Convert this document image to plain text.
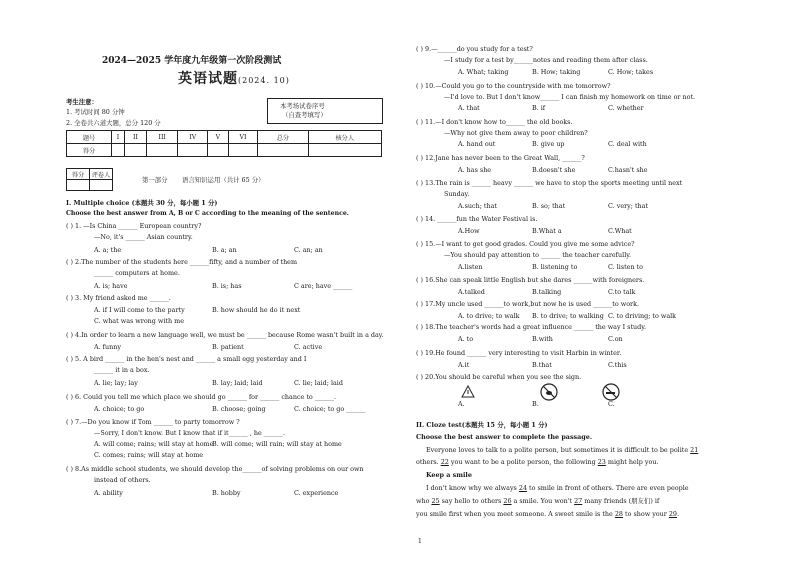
2024—2025 学年度九年级第一次阶段测试
英语试题(2024. 10)
考生注意：
1. 考试时间 80 分钟
2. 全卷共六道大题，总分 120 分
本考场试卷序号
（自查考填写）
题号	I	II	III	IV	V	VI	总分	核分人
得分								
得分	评卷人

第一部分 语言知识运用（共计 65 分）
I. Multiple choice (本题共 30 分，每小题 1 分)
Choose the best answer from A, B or C according to the meaning of the sentence.
( ) 1. —Is China ______ European country?
—No, it's ______ Asian country.
A. a; the	B. a; an	C. an; an
( ) 2.The number of the students here ______fifty, and a number of them
______ computers at home.
A. is; have	B. is; has	C are; have ______
( ) 3. My friend asked me ______.
A. if I will come to the party	B. how should he do it next
C. what was wrong with me
( ) 4.In order to learn a new language well, we must be ______ because Rome wasn't built in a day.
A. funny	B. patient	C. active
( ) 5. A bird ______ in the hen's nest and ______ a small egg yesterday and I
______ it in a box.
A. lie; lay; lay	B. lay; laid; laid	C. lie; laid; laid
( ) 6. Could you tell me which place we should go ______ for ______ chance to ______.
A. choice; to go	B. choose; going	C. choice; to go ______
( ) 7.—Do you know if Tom ______ to party tomorrow ?
—Sorry, I don't know. But I know that if it______ , he ______.
A. will come; rains; will stay at home
B. will come; will rain; will stay at home
C. comes; rains; will stay at home
( ) 8.As middle school students, we should develop the______of solving problems on our own
instead of others.
A. ability	B. hobby	C. experience
( ) 9.—______do you study for a test?
—I study for a test by______notes and reading them after class.
A. What; taking	B. How; taking	C. How; takes
( ) 10.—Could you go to the countryside with me tomorrow?
—I'd love to. But I don't know______ I can finish my homework on time or not.
A. that	B. if	C. whether
( ) 11.—I don't know how to______ the old books.
—Why not give them away to poor children?
A. hand out	B. give up	C. deal with
( ) 12.Jane has never been to the Great Wall, ______?
A. has she	B.doesn't she	C.hasn't she
( ) 13.The rain is ______ heavy ______ we have to stop the sports meeting until next
Sunday.
A.such; that	B. so; that	C. very; that
( ) 14. ______fun the Water Festival is.
A.How	B.What a	C.What
( ) 15.—I want to get good grades. Could you give me some advice?
—You should pay attention to ______ the teacher carefully.
A.listen	B. listening to	C. listen to
( ) 16.She can speak little English but she dares ______with foreigners.
A.talked	B.talking	C.to talk
( ) 17.My uncle used ______to work,but now he is used ______to work.
A. to drive; to walk B. to drive; to walking C. to driving; to walk
( ) 18.The teacher's words had a great influence ______ the way I study.
A. to	B.with	C.on
( ) 19.He found ______ very interesting to visit Harbin in winter.
A.it	B.that	C.this
( ) 20.You should be careful when you see the sign.
A.	B.	C.
II. Cloze test(本题共 15 分，每小题 1 分)
Choose the best answer to complete the passage.
Everyone loves to talk to a polite person, but sometimes it is difficult to be polite 21
others. 22 you want to be a polite person, the following 23 might help you.
Keep a smile
I don't know why we always 24 to smile in front of others. There are even people
who 25 say hello to others 26 a smile. You won't 27 many friends (朋友们) if
you smile first when you meet someone. A sweet smile is the 28 to show your 29.
1
